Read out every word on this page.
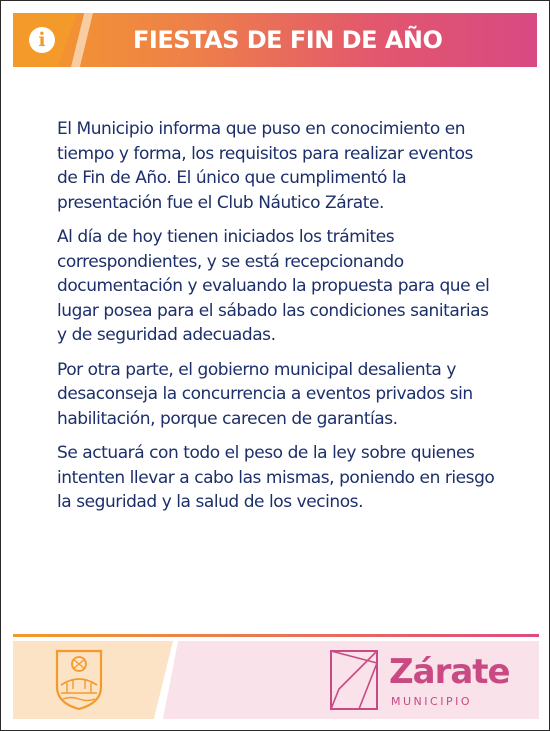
i	FIESTAS DE FIN DE AÑO

El Municipio informa que puso en conocimiento en tiempo y forma, los requisitos para realizar eventos de Fin de Año. El único que cumplimentó la presentación fue el Club Náutico Zárate.

Al día de hoy tienen iniciados los trámites correspondientes, y se está recepcionando documentación y evaluando la propuesta para que el lugar posea para el sábado las condiciones sanitarias y de seguridad adecuadas.

Por otra parte, el gobierno municipal desalienta y desaconseja la concurrencia a eventos privados sin habilitación, porque carecen de garantías.

Se actuará con todo el peso de la ley sobre quienes intenten llevar a cabo las mismas, poniendo en riesgo la seguridad y la salud de los vecinos.

Zárate
MUNICIPIO
